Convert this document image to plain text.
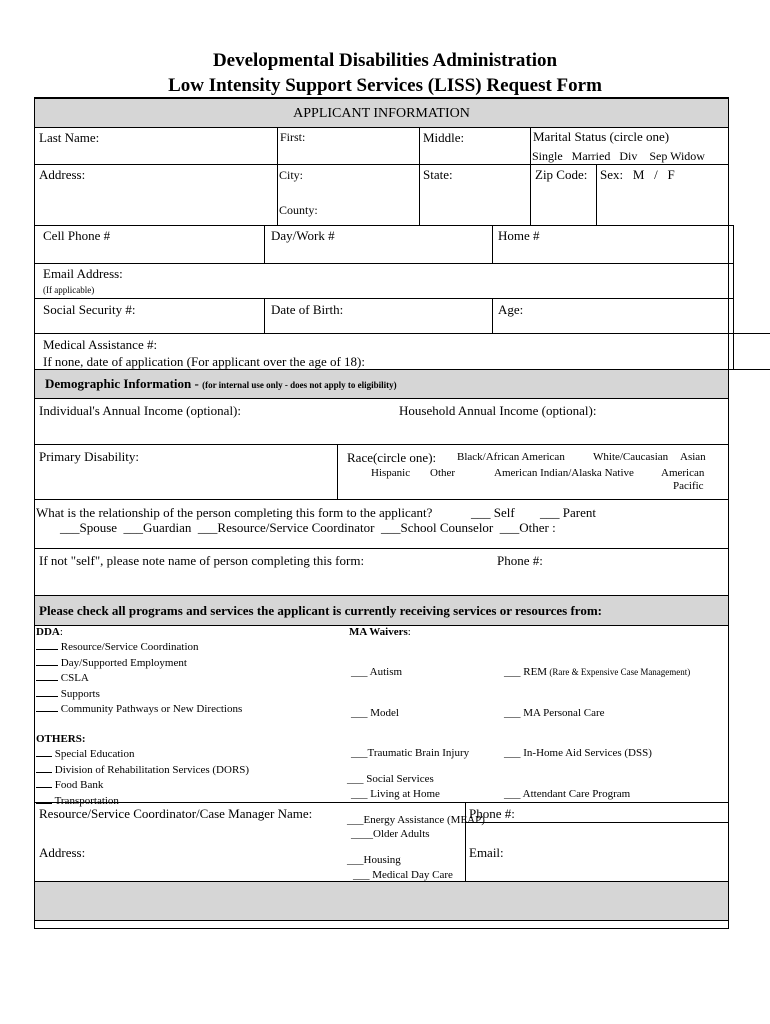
Developmental Disabilities Administration
Low Intensity Support Services (LISS) Request Form
APPLICANT INFORMATION
Last Name:	First:	Middle:	Marital Status (circle one)
Single   Married   Div    Sep Widow
Address:	City:
County:
State:	Zip Code: Sex:   M   /   F
Cell Phone #	Day/Work #	Home #
Email Address:
(If applicable)
Social Security #:	Date of Birth:	Age:
Medical Assistance #:
If none, date of application (For applicant over the age of 18):
Demographic Information - (for internal use only - does not apply to eligibility)
Individual's Annual Income (optional):	Household Annual Income (optional):
Primary Disability:	Race(circle one): Black/African American	White/Caucasian Asian
Hispanic Other	American Indian/Alaska Native American
Pacific
What is the relationship of the person completing this form to the applicant?	___ Self ___ Parent
___Spouse  ___Guardian  ___Resource/Service Coordinator  ___School Counselor  ___Other :
If not "self", please note name of person completing this form:	Phone #:
Please check all programs and services the applicant is currently receiving services or resources from:
DDA:
Resource/Service Coordination
Day/Supported Employment
CSLA
Supports
Community Pathways or New Directions
MA Waivers:

___ Autism

___ Model

___Traumatic Brain Injury

___ Living at Home

____Older Adults

___ Medical Day Care

___ REM (Rare & Expensive Case Management)

___ MA Personal Care

___ In-Home Aid Services (DSS)

___ Attendant Care Program

OTHERS:
Special Education
Division of Rehabilitation Services (DORS)
Food Bank
Transportation

___ Social Services

___Energy Assistance (MEAP)

___Housing

Resource/Service Coordinator/Case Manager Name:	Phone #:
Address:	Email:
